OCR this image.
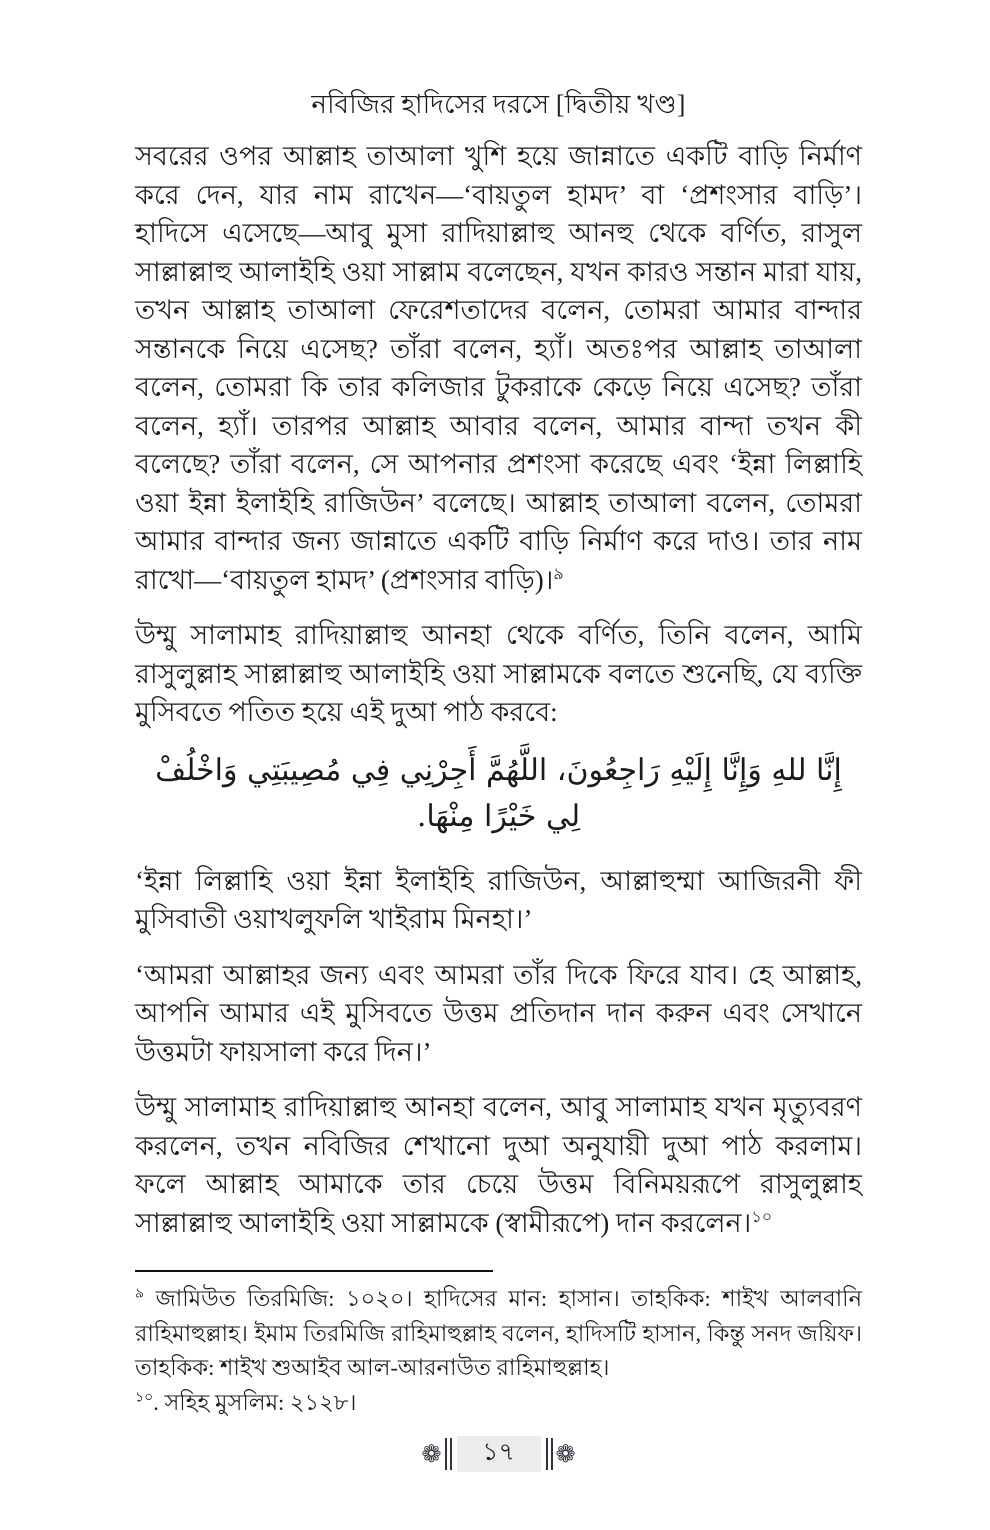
নবিজির হাদিসের দরসে [দ্বিতীয় খণ্ড]

সবরের ওপর আল্লাহ তাআলা খুশি হয়ে জান্নাতে একটি বাড়ি নির্মাণ করে দেন, যার নাম রাখেন—‘বায়তুল হামদ’ বা ‘প্রশংসার বাড়ি’। হাদিসে এসেছে—আবু মুসা রাদিয়াল্লাহু আনহু থেকে বর্ণিত, রাসুল সাল্লাল্লাহু আলাইহি ওয়া সাল্লাম বলেছেন, যখন কারও সন্তান মারা যায়, তখন আল্লাহ তাআলা ফেরেশতাদের বলেন, তোমরা আমার বান্দার সন্তানকে নিয়ে এসেছ? তাঁরা বলেন, হ্যাঁ। অতঃপর আল্লাহ তাআলা বলেন, তোমরা কি তার কলিজার টুকরাকে কেড়ে নিয়ে এসেছ? তাঁরা বলেন, হ্যাঁ। তারপর আল্লাহ আবার বলেন, আমার বান্দা তখন কী বলেছে? তাঁরা বলেন, সে আপনার প্রশংসা করেছে এবং ‘ইন্না লিল্লাহি ওয়া ইন্না ইলাইহি রাজিউন’ বলেছে। আল্লাহ তাআলা বলেন, তোমরা আমার বান্দার জন্য জান্নাতে একটি বাড়ি নির্মাণ করে দাও। তার নাম রাখো—‘বায়তুল হামদ’ (প্রশংসার বাড়ি)।$^৯$

উম্মু সালামাহ রাদিয়াল্লাহু আনহা থেকে বর্ণিত, তিনি বলেন, আমি রাসুলুল্লাহ সাল্লাল্লাহু আলাইহি ওয়া সাল্লামকে বলতে শুনেছি, যে ব্যক্তি মুসিবতে পতিত হয়ে এই দুআ পাঠ করবে:

إِنَّا للهِ وَإِنَّا إِلَيْهِ رَاجِعُونَ، اللَّهُمَّ أَجِرْنِي فِي مُصِيبَتِي وَاخْلُفْ لِي خَيْرًا مِنْهَا.

‘ইন্না লিল্লাহি ওয়া ইন্না ইলাইহি রাজিউন, আল্লাহুম্মা আজিরনী ফী মুসিবাতী ওয়াখলুফলি খাইরাম মিনহা।’

‘আমরা আল্লাহর জন্য এবং আমরা তাঁর দিকে ফিরে যাব। হে আল্লাহ, আপনি আমার এই মুসিবতে উত্তম প্রতিদান দান করুন এবং সেখানে উত্তমটা ফায়সালা করে দিন।’

উম্মু সালামাহ রাদিয়াল্লাহু আনহা বলেন, আবু সালামাহ যখন মৃত্যুবরণ করলেন, তখন নবিজির শেখানো দুআ অনুযায়ী দুআ পাঠ করলাম। ফলে আল্লাহ আমাকে তার চেয়ে উত্তম বিনিময়রূপে রাসুলুল্লাহ সাল্লাল্লাহু আলাইহি ওয়া সাল্লামকে (স্বামীরূপে) দান করলেন।$^{১০}$

$^৯$ জামিউত তিরমিজি: ১০২০। হাদিসের মান: হাসান। তাহকিক: শাইখ আলবানি রাহিমাহুল্লাহ। ইমাম তিরমিজি রাহিমাহুল্লাহ বলেন, হাদিসটি হাসান, কিন্তু সনদ জয়িফ। তাহকিক: শাইখ শুআইব আল-আরনাউত রাহিমাহুল্লাহ।

$^{১০}$. সহিহ মুসলিম: ২১২৮।

❁	১৭	❁
